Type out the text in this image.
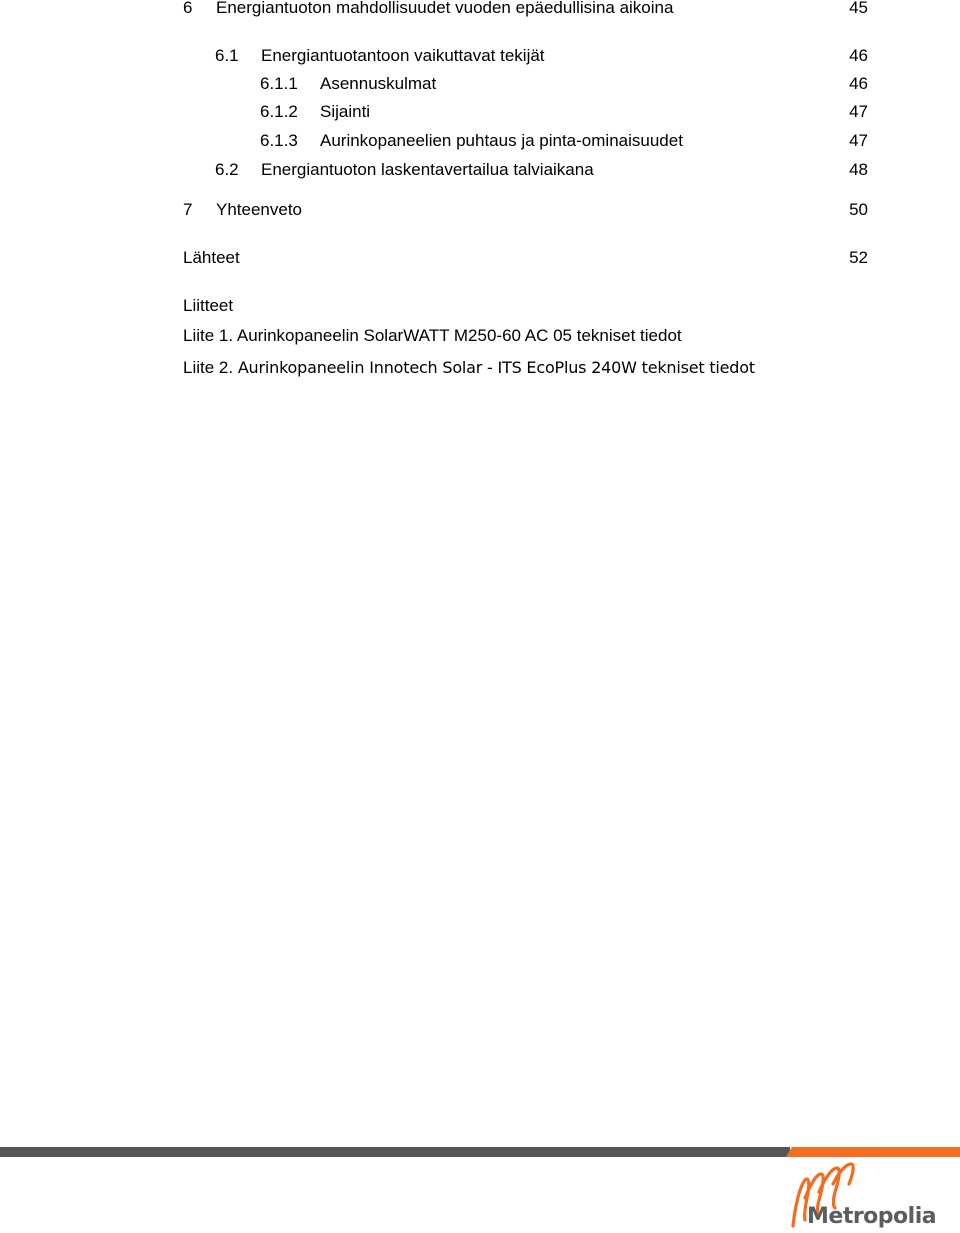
6 Energiantuoton mahdollisuudet vuoden epäedullisina aikoina	45
6.1 Energiantuotantoon vaikuttavat tekijät	46
6.1.1 Asennuskulmat	46
6.1.2 Sijainti	47
6.1.3 Aurinkopaneelien puhtaus ja pinta-ominaisuudet	47
6.2 Energiantuoton laskentavertailua talviaikana	48
7 Yhteenveto	50
Lähteet	52
Liitteet
Liite 1. Aurinkopaneelin SolarWATT M250-60 AC 05 tekniset tiedot
Liite 2. Aurinkopaneelin Innotech Solar - ITS EcoPlus 240W tekniset tiedot
Metropolia
